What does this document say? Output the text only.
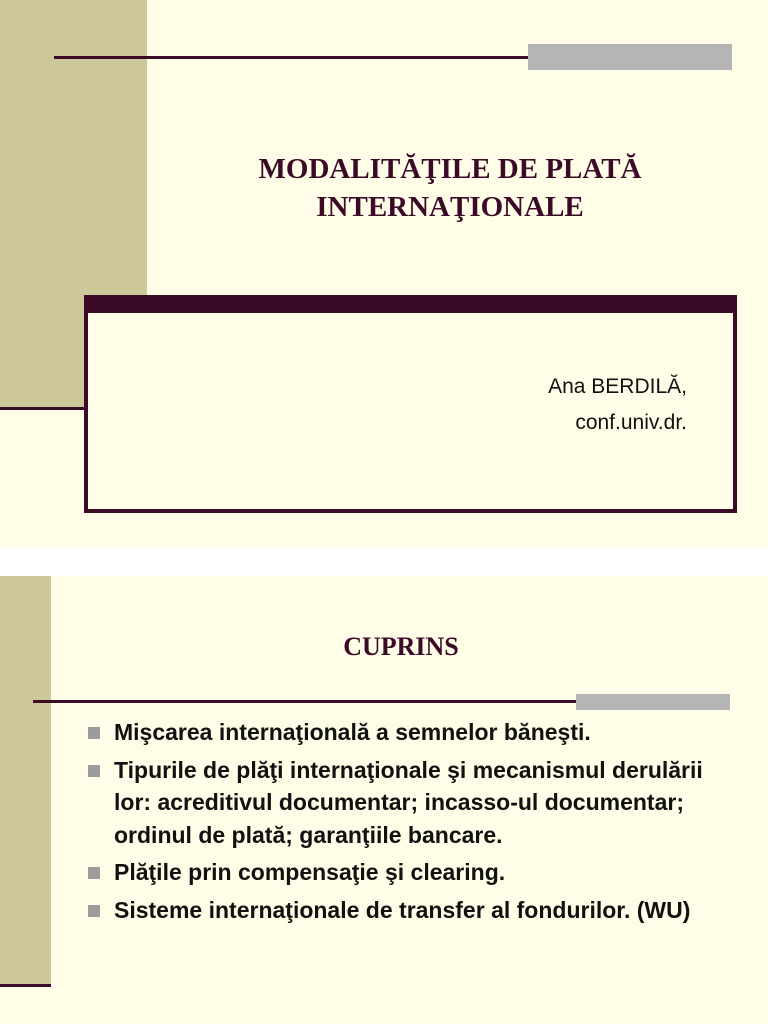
MODALITĂŢILE DE PLATĂ
INTERNAŢIONALE
Ana BERDILĂ,
conf.univ.dr.
CUPRINS
Mişcarea internaţională a semnelor băneşti.
Tipurile de plăţi internaţionale şi mecanismul derulării lor: acreditivul documentar; incasso-ul documentar; ordinul de plată; garanţiile bancare.
Plăţile prin compensaţie şi clearing.
Sisteme internaţionale de transfer al fondurilor. (WU)
